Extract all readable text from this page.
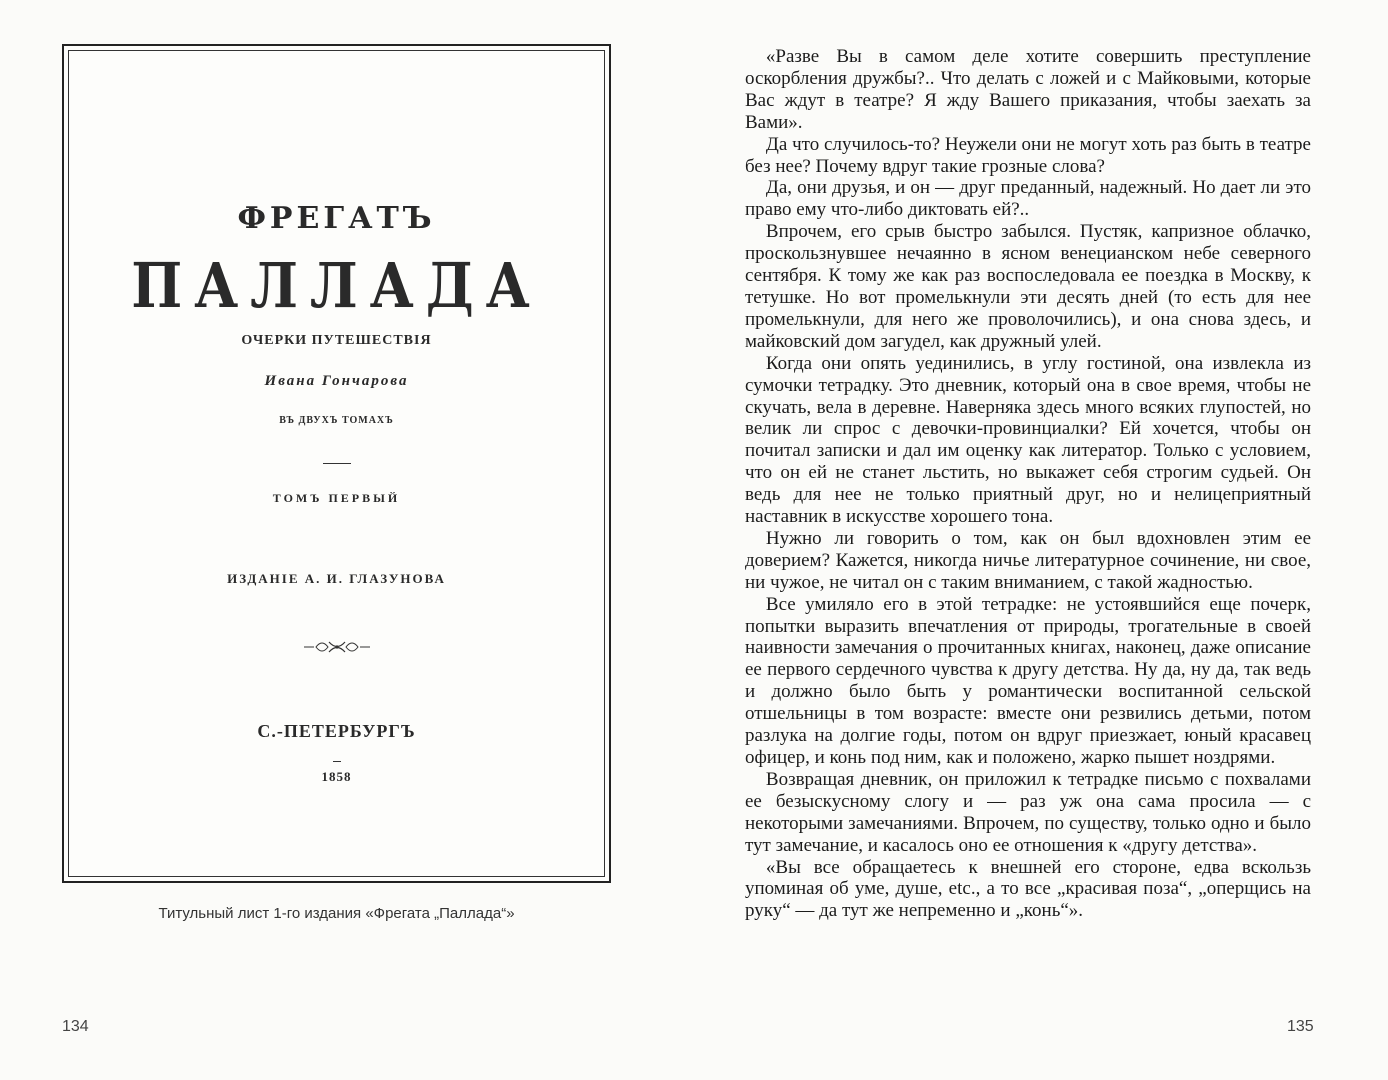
ФРЕГАТЪ
ПАЛЛАДА
ОЧЕРКИ ПУТЕШЕСТВІЯ
Ивана Гончарова
ВЪ ДВУХЪ ТОМАХЪ
ТОМЪ ПЕРВЫЙ
ИЗДАНІЕ А. И. ГЛАЗУНОВА
С.-ПЕТЕРБУРГЪ
1858
Титульный лист 1-го издания «Фрегата „Паллада“»
134

«Разве Вы в самом деле хотите совершить преступление оскорбления дружбы?.. Что делать с ложей и с Майковыми, которые Вас ждут в театре? Я жду Вашего приказания, чтобы заехать за Вами».

Да что случилось-то? Неужели они не могут хоть раз быть в театре без нее? Почему вдруг такие грозные слова?

Да, они друзья, и он — друг преданный, надежный. Но дает ли это право ему что-либо диктовать ей?..

Впрочем, его срыв быстро забылся. Пустяк, капризное облачко, проскользнувшее нечаянно в ясном венецианском небе северного сентября. К тому же как раз воспоследовала ее поездка в Москву, к тетушке. Но вот промелькнули эти десять дней (то есть для нее промелькнули, для него же проволочились), и она снова здесь, и майковский дом загудел, как дружный улей.

Когда они опять уединились, в углу гостиной, она извлекла из сумочки тетрадку. Это дневник, который она в свое время, чтобы не скучать, вела в деревне. Наверняка здесь много всяких глупостей, но велик ли спрос с девочки-провинциалки? Ей хочется, чтобы он почитал записки и дал им оценку как литератор. Только с условием, что он ей не станет льстить, но выкажет себя строгим судьей. Он ведь для нее не только приятный друг, но и нелицеприятный наставник в искусстве хорошего тона.

Нужно ли говорить о том, как он был вдохновлен этим ее доверием? Кажется, никогда ничье литературное сочинение, ни свое, ни чужое, не читал он с таким вниманием, с такой жадностью.

Все умиляло его в этой тетрадке: не устоявшийся еще почерк, попытки выразить впечатления от природы, трогательные в своей наивности замечания о прочитанных книгах, наконец, даже описание ее первого сердечного чувства к другу детства. Ну да, ну да, так ведь и должно было быть у романтически воспитанной сельской отшельницы в том возрасте: вместе они резвились детьми, потом разлука на долгие годы, потом он вдруг приезжает, юный красавец офицер, и конь под ним, как и положено, жарко пышет ноздрями.

Возвращая дневник, он приложил к тетрадке письмо с похвалами ее безыскусному слогу и — раз уж она сама просила — с некоторыми замечаниями. Впрочем, по существу, только одно и было тут замечание, и касалось оно ее отношения к «другу детства».

«Вы все обращаетесь к внешней его стороне, едва вскользь упоминая об уме, душе, etc., а то все „красивая поза“, „оперщись на руку“ — да тут же непременно и „конь“».

135
